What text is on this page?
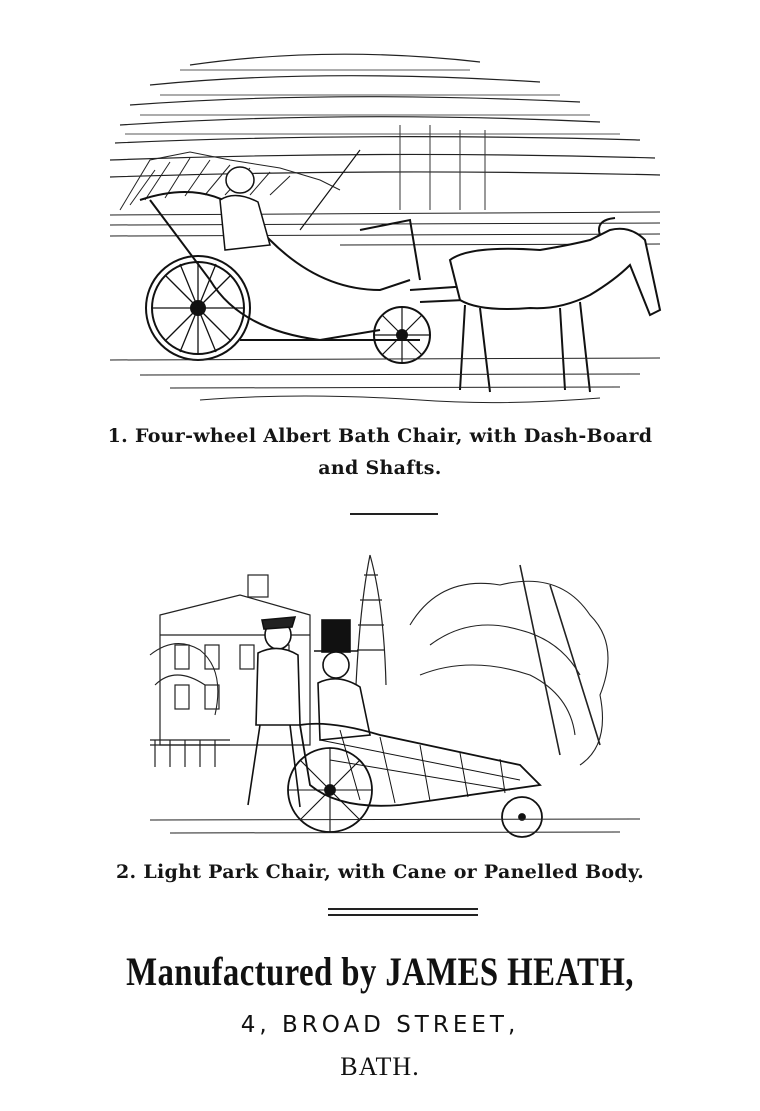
1. Four-wheel Albert Bath Chair, with Dash-Board
and Shafts.
2. Light Park Chair, with Cane or Panelled Body.
Manufactured by JAMES HEATH,
4, BROAD STREET,
BATH.
